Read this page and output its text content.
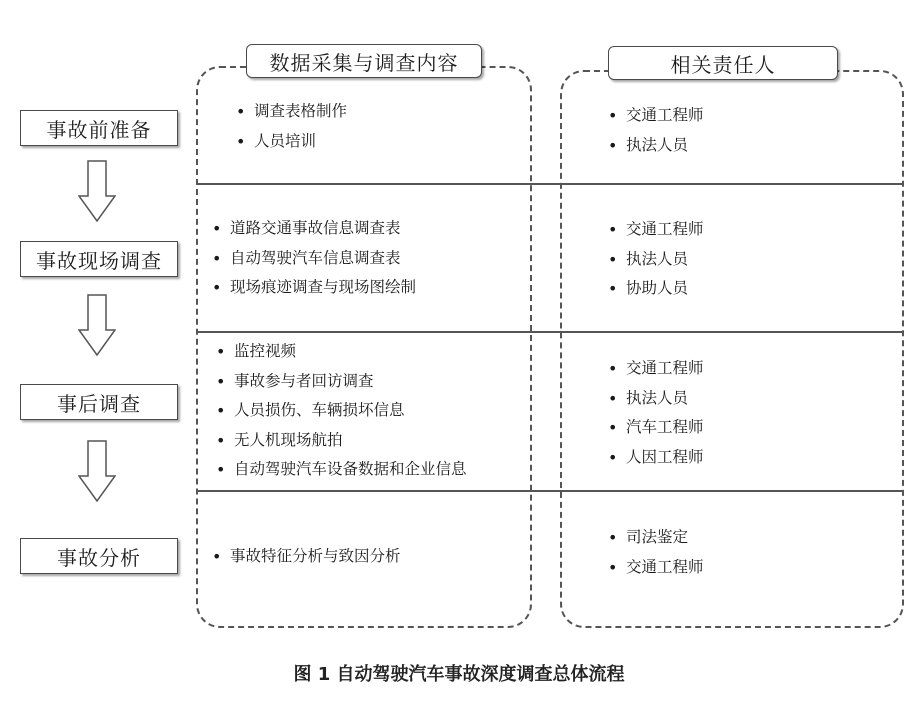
数据采集与调查内容	相关责任人
事故前准备
事故现场调查
事后调查
事故分析
• 调查表格制作
• 人员培训
• 道路交通事故信息调查表
• 自动驾驶汽车信息调查表
• 现场痕迹调查与现场图绘制
• 监控视频
• 事故参与者回访调查
• 人员损伤、车辆损坏信息
• 无人机现场航拍
• 自动驾驶汽车设备数据和企业信息
• 事故特征分析与致因分析
• 交通工程师
• 执法人员
• 交通工程师
• 执法人员
• 协助人员
• 交通工程师
• 执法人员
• 汽车工程师
• 人因工程师
• 司法鉴定
• 交通工程师
图 1 自动驾驶汽车事故深度调查总体流程
